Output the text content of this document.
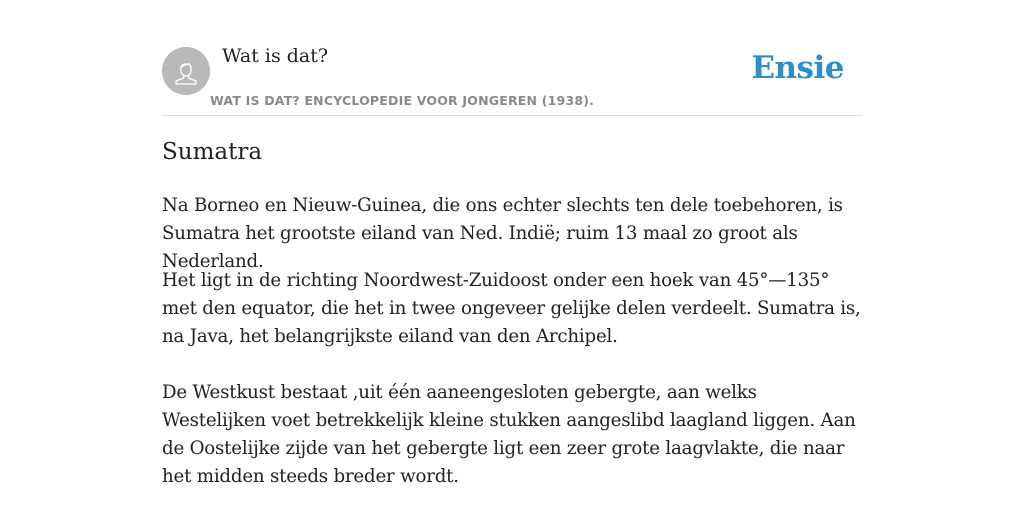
Wat is dat?
WAT IS DAT? ENCYCLOPEDIE VOOR JONGEREN (1938).
Ensie
Sumatra

Na Borneo en Nieuw-Guinea, die ons echter slechts ten dele toebehoren, is Sumatra het grootste eiland van Ned. Indië; ruim 13 maal zo groot als Nederland.

Het ligt in de richting Noordwest-Zuidoost onder een hoek van 45°—135° met den equator, die het in twee ongeveer gelijke delen verdeelt. Sumatra is, na Java, het belangrijkste eiland van den Archipel.

De Westkust bestaat ,uit één aaneengesloten gebergte, aan welks Westelijken voet betrekkelijk kleine stukken aangeslibd laagland liggen. Aan de Oostelijke zijde van het gebergte ligt een zeer grote laagvlakte, die naar het midden steeds breder wordt.
